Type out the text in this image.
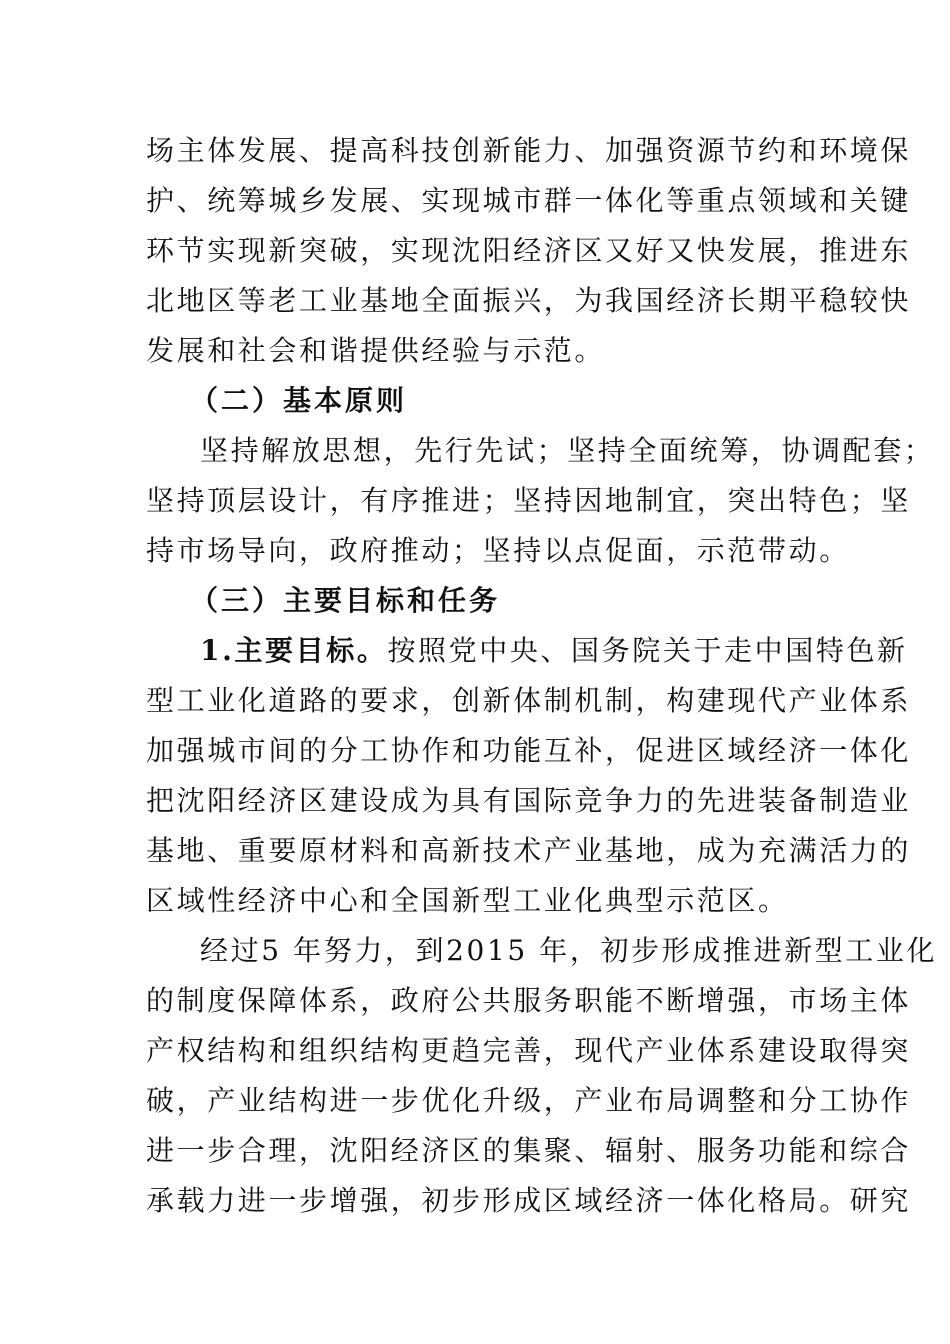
场主体发展、提高科技创新能力、加强资源节约和环境保
护、统筹城乡发展、实现城市群一体化等重点领域和关键
环节实现新突破，实现沈阳经济区又好又快发展，推进东
北地区等老工业基地全面振兴，为我国经济长期平稳较快
发展和社会和谐提供经验与示范。
（二）基本原则
坚持解放思想，先行先试；坚持全面统筹，协调配套；
坚持顶层设计，有序推进；坚持因地制宜，突出特色；坚
持市场导向，政府推动；坚持以点促面，示范带动。
（三）主要目标和任务
1.主要目标。按照党中央、国务院关于走中国特色新
型工业化道路的要求，创新体制机制，构建现代产业体系
加强城市间的分工协作和功能互补，促进区域经济一体化
把沈阳经济区建设成为具有国际竞争力的先进装备制造业
基地、重要原材料和高新技术产业基地，成为充满活力的
区域性经济中心和全国新型工业化典型示范区。
经过5 年努力，到2015 年，初步形成推进新型工业化
的制度保障体系，政府公共服务职能不断增强，市场主体
产权结构和组织结构更趋完善，现代产业体系建设取得突
破，产业结构进一步优化升级，产业布局调整和分工协作
进一步合理，沈阳经济区的集聚、辐射、服务功能和综合
承载力进一步增强，初步形成区域经济一体化格局。研究
